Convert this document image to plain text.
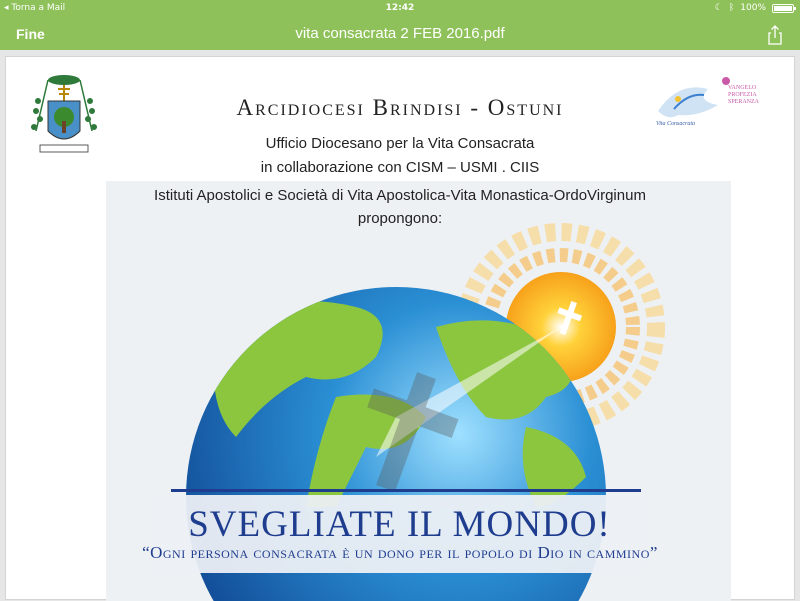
◂ Torna a Mail	12:42	☾ ᛒ 100%
Fine	vita consacrata 2 FEB 2016.pdf
VANGELO
PROFEZIA
SPERANZA
Vita Consacrata
Arcidiocesi Brindisi - Ostuni
Ufficio Diocesano per la Vita Consacrata
in collaborazione con CISM – USMI . CIIS
Istituti Apostolici e Società di Vita Apostolica-Vita Monastica-OrdoVirginum
propongono:
SVEGLIATE IL MONDO!
“Ogni persona consacrata è un dono per il popolo di Dio in cammino”
